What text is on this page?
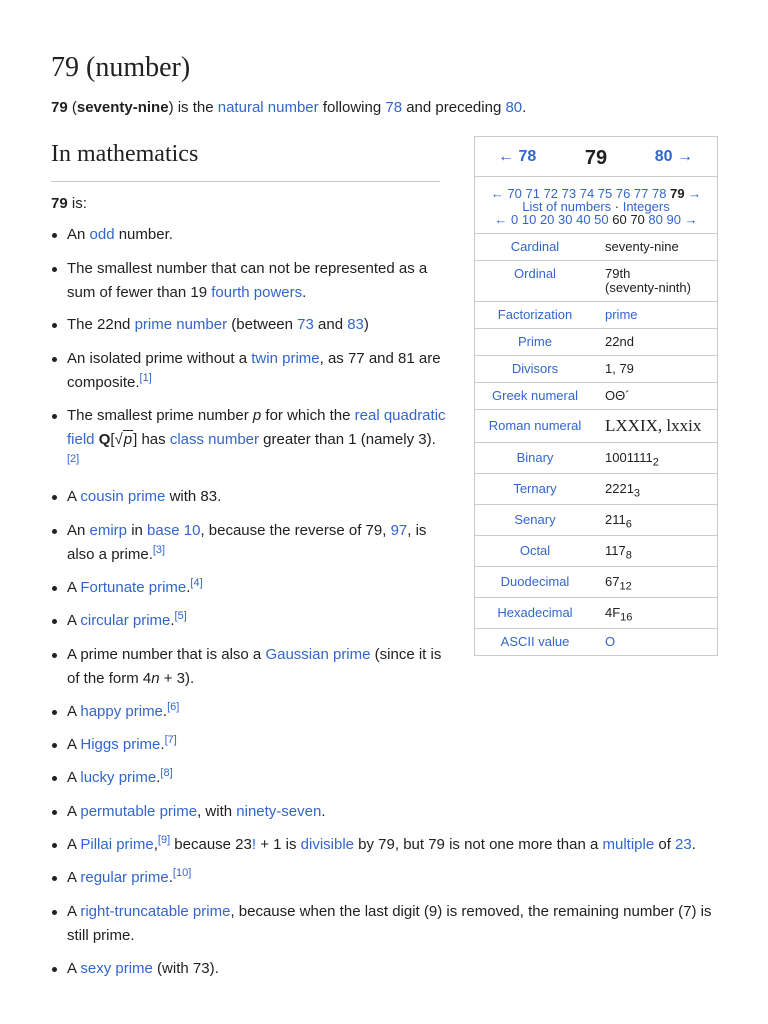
79 (number)

79 (seventy-nine) is the natural number following 78 and preceding 80.

In mathematics

79 is:

An odd number.
The smallest number that can not be represented as a sum of fewer than 19 fourth powers.
The 22nd prime number (between 73 and 83)
An isolated prime without a twin prime, as 77 and 81 are composite.[1]
The smallest prime number p for which the real quadratic field Q[√p] has class number greater than 1 (namely 3).[2]
A cousin prime with 83.
An emirp in base 10, because the reverse of 79, 97, is also a prime.[3]
A Fortunate prime.[4]
A circular prime.[5]
A prime number that is also a Gaussian prime (since it is of the form 4n + 3).
A happy prime.[6]
A Higgs prime.[7]
A lucky prime.[8]
A permutable prime, with ninety-seven.
A Pillai prime,[9] because 23! + 1 is divisible by 79, but 79 is not one more than a multiple of 23.
A regular prime.[10]
A right-truncatable prime, because when the last digit (9) is removed, the remaining number (7) is still prime.
A sexy prime (with 73).
← 78	79	80 →
← 70 71 72 73 74 75 76 77 78 79 →
List of numbers · Integers
← 0 10 20 30 40 50 60 70 80 90 →
Cardinal	seventy-nine
Ordinal	79th
(seventy-ninth)
Factorization	prime
Prime	22nd
Divisors	1, 79
Greek numeral	ΟΘ´
Roman numeral	LXXIX, lxxix
Binary	$1001111_2$
Ternary	$2221_3$
Senary	$211_6$
Octal	$117_8$
Duodecimal	$67_{12}$
Hexadecimal	$4F_{16}$
ASCII value	O
